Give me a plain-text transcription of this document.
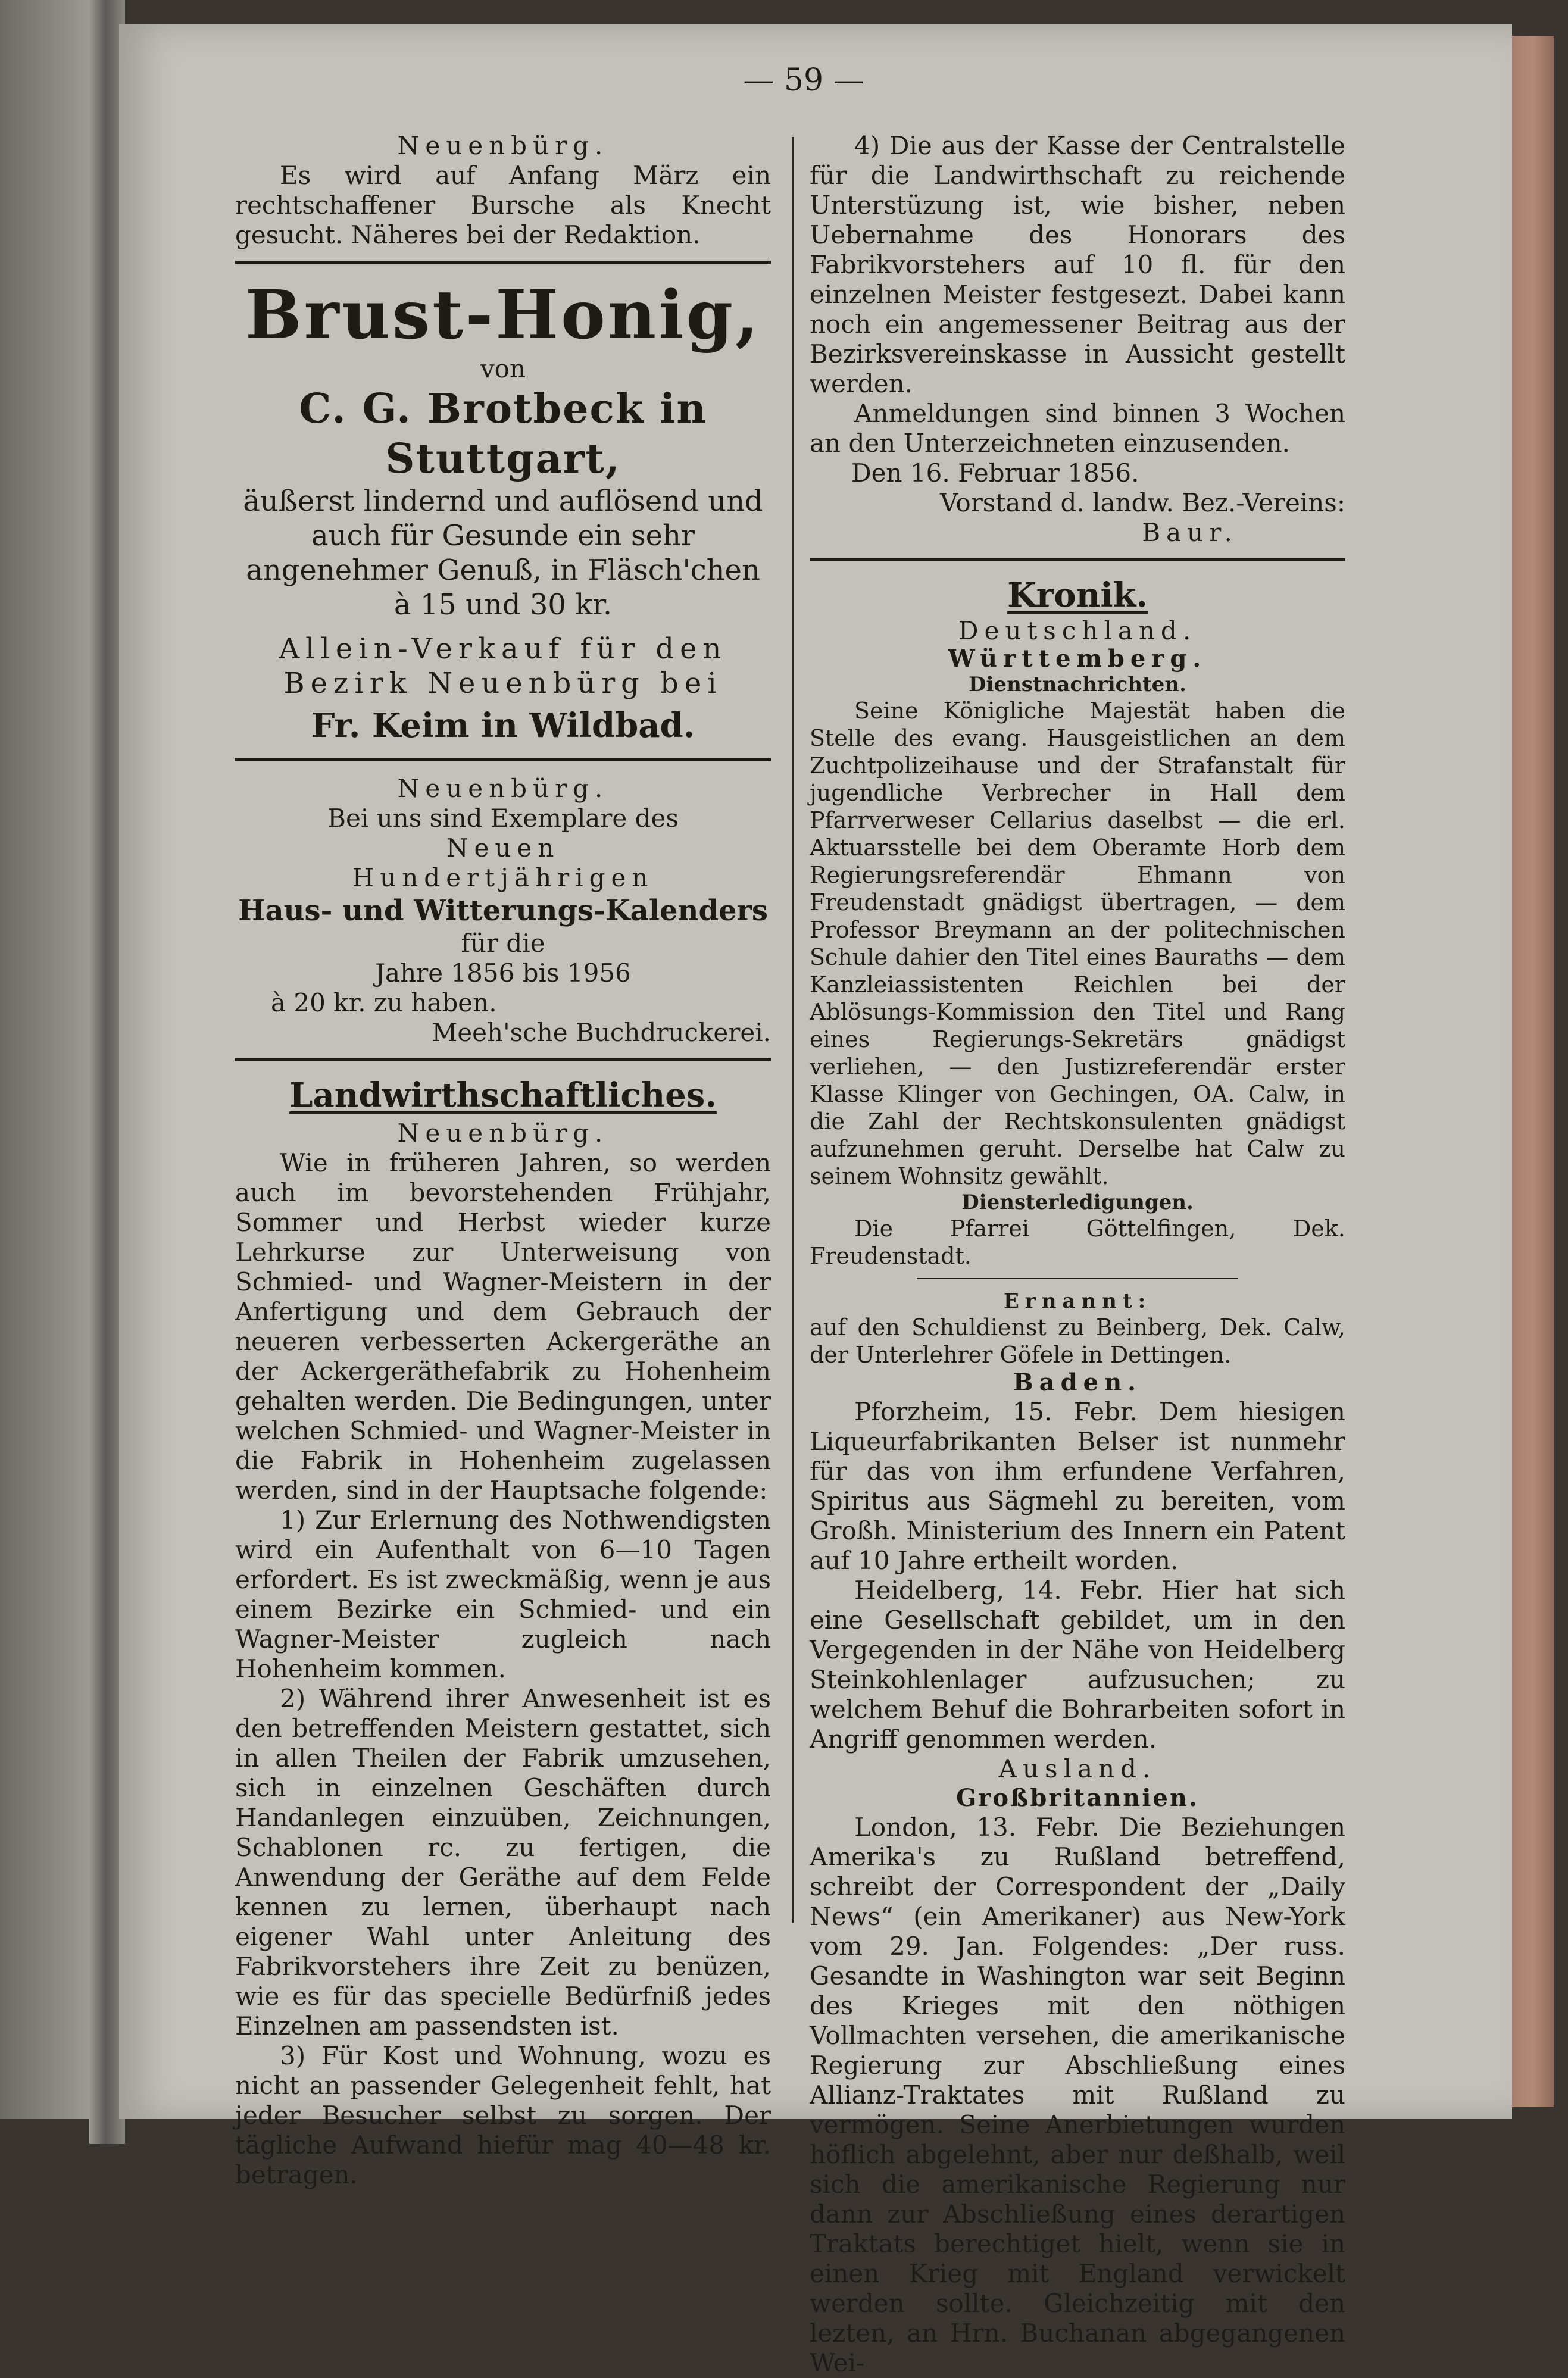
— 59 —

Neuenbürg.

Es wird auf Anfang März ein rechtschaffener Bursche als Knecht gesucht. Näheres bei der Redaktion.

Brust-Honig,

von

C. G. Brotbeck in Stuttgart,

äußerst lindernd und auflösend und auch für Gesunde ein sehr angenehmer Genuß, in Fläsch'chen à 15 und 30 kr.

Allein-Verkauf für den Bezirk Neuenbürg bei

Fr. Keim in Wildbad.

Neuenbürg.

Bei uns sind Exemplare des

Neuen

Hundertjährigen

Haus- und Witterungs-Kalenders

für die

Jahre 1856 bis 1956

à 20 kr. zu haben.

Meeh'sche Buchdruckerei.

Landwirthschaftliches.

Neuenbürg.

Wie in früheren Jahren, so werden auch im bevorstehenden Frühjahr, Sommer und Herbst wieder kurze Lehrkurse zur Unterweisung von Schmied- und Wagner-Meistern in der Anfertigung und dem Gebrauch der neueren verbesserten Ackergeräthe an der Ackergeräthefabrik zu Hohenheim gehalten werden. Die Bedingungen, unter welchen Schmied- und Wagner-Meister in die Fabrik in Hohenheim zugelassen werden, sind in der Hauptsache folgende:

1) Zur Erlernung des Nothwendigsten wird ein Aufenthalt von 6—10 Tagen erfordert. Es ist zweckmäßig, wenn je aus einem Bezirke ein Schmied- und ein Wagner-Meister zugleich nach Hohenheim kommen.

2) Während ihrer Anwesenheit ist es den betreffenden Meistern gestattet, sich in allen Theilen der Fabrik umzusehen, sich in einzelnen Geschäften durch Handanlegen einzuüben, Zeichnungen, Schablonen rc. zu fertigen, die Anwendung der Geräthe auf dem Felde kennen zu lernen, überhaupt nach eigener Wahl unter Anleitung des Fabrikvorstehers ihre Zeit zu benüzen, wie es für das specielle Bedürfniß jedes Einzelnen am passendsten ist.

3) Für Kost und Wohnung, wozu es nicht an passender Gelegenheit fehlt, hat jeder Besucher selbst zu sorgen. Der tägliche Aufwand hiefür mag 40—48 kr. betragen.

4) Die aus der Kasse der Centralstelle für die Landwirthschaft zu reichende Unterstüzung ist, wie bisher, neben Uebernahme des Honorars des Fabrikvorstehers auf 10 fl. für den einzelnen Meister festgesezt. Dabei kann noch ein angemessener Beitrag aus der Bezirksvereinskasse in Aussicht gestellt werden.

Anmeldungen sind binnen 3 Wochen an den Unterzeichneten einzusenden.

Den 16. Februar 1856.

Vorstand d. landw. Bez.-Vereins:

Baur.

Kronik.

Deutschland.

Württemberg.

Dienstnachrichten.

Seine Königliche Majestät haben die Stelle des evang. Hausgeistlichen an dem Zuchtpolizeihause und der Strafanstalt für jugendliche Verbrecher in Hall dem Pfarrverweser Cellarius daselbst — die erl. Aktuarsstelle bei dem Oberamte Horb dem Regierungsreferendär Ehmann von Freudenstadt gnädigst übertragen, — dem Professor Breymann an der politechnischen Schule dahier den Titel eines Bauraths — dem Kanzleiassistenten Reichlen bei der Ablösungs-Kommission den Titel und Rang eines Regierungs-Sekretärs gnädigst verliehen, — den Justizreferendär erster Klasse Klinger von Gechingen, OA. Calw, in die Zahl der Rechtskonsulenten gnädigst aufzunehmen geruht. Derselbe hat Calw zu seinem Wohnsitz gewählt.

Diensterledigungen.

Die Pfarrei Göttelfingen, Dek. Freudenstadt.

Ernannt:

auf den Schuldienst zu Beinberg, Dek. Calw, der Unterlehrer Göfele in Dettingen.

Baden.

Pforzheim, 15. Febr. Dem hiesigen Liqueurfabrikanten Belser ist nunmehr für das von ihm erfundene Verfahren, Spiritus aus Sägmehl zu bereiten, vom Großh. Ministerium des Innern ein Patent auf 10 Jahre ertheilt worden.

Heidelberg, 14. Febr. Hier hat sich eine Gesellschaft gebildet, um in den Vergegenden in der Nähe von Heidelberg Steinkohlenlager aufzusuchen; zu welchem Behuf die Bohrarbeiten sofort in Angriff genommen werden.

Ausland.

Großbritannien.

London, 13. Febr. Die Beziehungen Amerika's zu Rußland betreffend, schreibt der Correspondent der „Daily News“ (ein Amerikaner) aus New-York vom 29. Jan. Folgendes: „Der russ. Gesandte in Washington war seit Beginn des Krieges mit den nöthigen Vollmachten versehen, die amerikanische Regierung zur Abschließung eines Allianz-Traktates mit Rußland zu vermögen. Seine Anerbietungen wurden höflich abgelehnt, aber nur deßhalb, weil sich die amerikanische Regierung nur dann zur Abschließung eines derartigen Traktats berechtiget hielt, wenn sie in einen Krieg mit England verwickelt werden sollte. Gleichzeitig mit den lezten, an Hrn. Buchanan abgegangenen Wei-
